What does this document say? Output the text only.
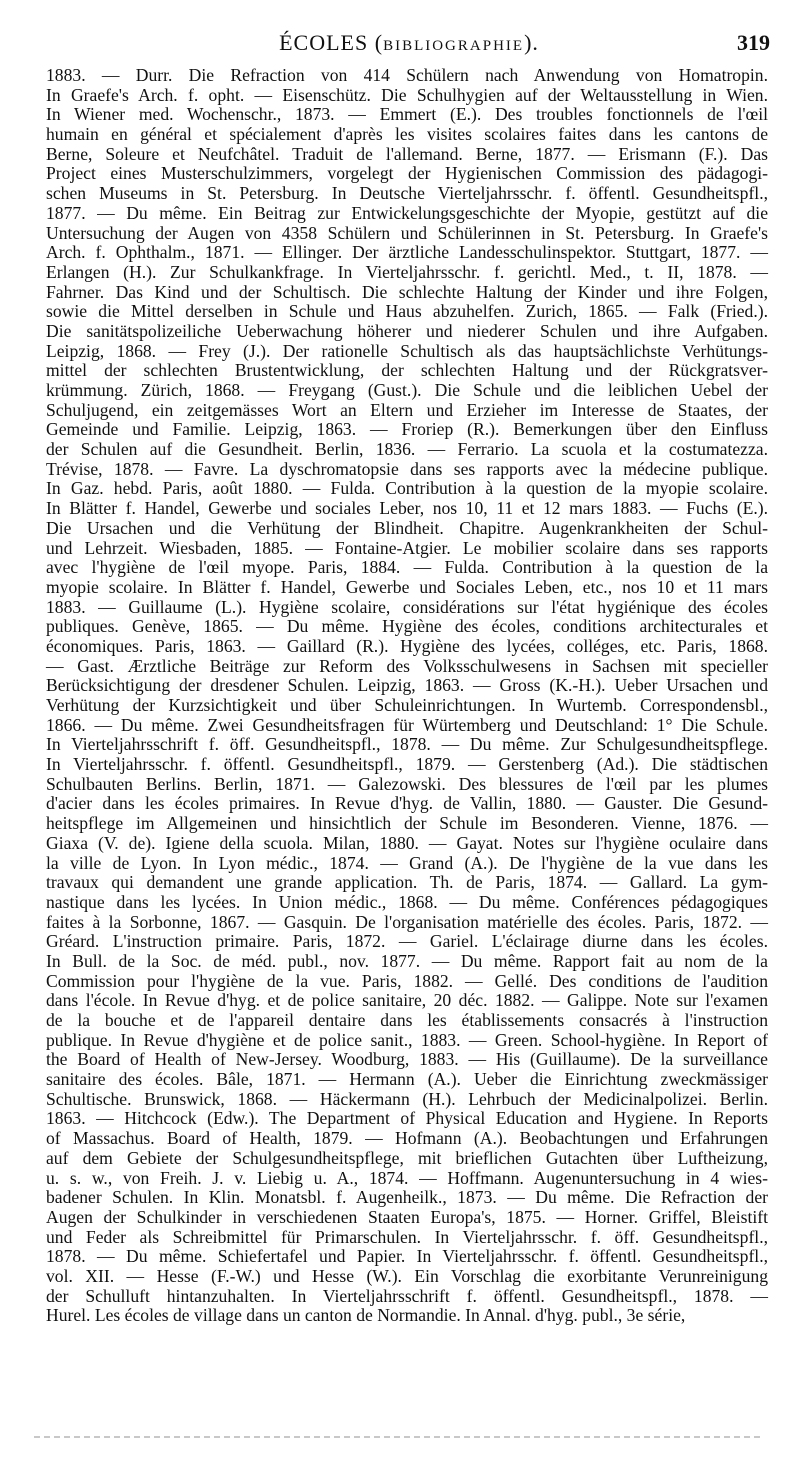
ÉCOLES (BIBLIOGRAPHIE).	319
1883. — Durr. Die Refraction von 414 Schülern nach Anwendung von Homatropin.
In Graefe's Arch. f. opht. — Eisenschütz. Die Schulhygien auf der Weltausstellung in Wien.
In Wiener med. Wochenschr., 1873. — Emmert (E.). Des troubles fonctionnels de l'œil
humain en général et spécialement d'après les visites scolaires faites dans les cantons de
Berne, Soleure et Neufchâtel. Traduit de l'allemand. Berne, 1877. — Erismann (F.). Das
Project eines Musterschulzimmers, vorgelegt der Hygienischen Commission des pädagogi-
schen Museums in St. Petersburg. In Deutsche Vierteljahrsschr. f. öffentl. Gesundheitspfl.,
1877. — Du même. Ein Beitrag zur Entwickelungsgeschichte der Myopie, gestützt auf die
Untersuchung der Augen von 4358 Schülern und Schülerinnen in St. Petersburg. In Graefe's
Arch. f. Ophthalm., 1871. — Ellinger. Der ärztliche Landesschulinspektor. Stuttgart, 1877. —
Erlangen (H.). Zur Schulkankfrage. In Vierteljahrsschr. f. gerichtl. Med., t. II, 1878. —
Fahrner. Das Kind und der Schultisch. Die schlechte Haltung der Kinder und ihre Folgen,
sowie die Mittel derselben in Schule und Haus abzuhelfen. Zurich, 1865. — Falk (Fried.).
Die sanitätspolizeiliche Ueberwachung höherer und niederer Schulen und ihre Aufgaben.
Leipzig, 1868. — Frey (J.). Der rationelle Schultisch als das hauptsächlichste Verhütungs-
mittel der schlechten Brustentwicklung, der schlechten Haltung und der Rückgratsver-
krümmung. Zürich, 1868. — Freygang (Gust.). Die Schule und die leiblichen Uebel der
Schuljugend, ein zeitgemässes Wort an Eltern und Erzieher im Interesse de Staates, der
Gemeinde und Familie. Leipzig, 1863. — Froriep (R.). Bemerkungen über den Einfluss
der Schulen auf die Gesundheit. Berlin, 1836. — Ferrario. La scuola et la costumatezza.
Trévise, 1878. — Favre. La dyschromatopsie dans ses rapports avec la médecine publique.
In Gaz. hebd. Paris, août 1880. — Fulda. Contribution à la question de la myopie scolaire.
In Blätter f. Handel, Gewerbe und sociales Leber, nos 10, 11 et 12 mars 1883. — Fuchs (E.).
Die Ursachen und die Verhütung der Blindheit. Chapitre. Augenkrankheiten der Schul-
und Lehrzeit. Wiesbaden, 1885. — Fontaine-Atgier. Le mobilier scolaire dans ses rapports
avec l'hygiène de l'œil myope. Paris, 1884. — Fulda. Contribution à la question de la
myopie scolaire. In Blätter f. Handel, Gewerbe und Sociales Leben, etc., nos 10 et 11 mars
1883. — Guillaume (L.). Hygiène scolaire, considérations sur l'état hygiénique des écoles
publiques. Genève, 1865. — Du même. Hygiène des écoles, conditions architecturales et
économiques. Paris, 1863. — Gaillard (R.). Hygiène des lycées, colléges, etc. Paris, 1868.
— Gast. Ærztliche Beiträge zur Reform des Volksschulwesens in Sachsen mit specieller
Berücksichtigung der dresdener Schulen. Leipzig, 1863. — Gross (K.-H.). Ueber Ursachen und
Verhütung der Kurzsichtigkeit und über Schuleinrichtungen. In Wurtemb. Correspondensbl.,
1866. — Du même. Zwei Gesundheitsfragen für Würtemberg und Deutschland: 1° Die Schule.
In Vierteljahrsschrift f. öff. Gesundheitspfl., 1878. — Du même. Zur Schulgesundheitspflege.
In Vierteljahrsschr. f. öffentl. Gesundheitspfl., 1879. — Gerstenberg (Ad.). Die städtischen
Schulbauten Berlins. Berlin, 1871. — Galezowski. Des blessures de l'œil par les plumes
d'acier dans les écoles primaires. In Revue d'hyg. de Vallin, 1880. — Gauster. Die Gesund-
heitspflege im Allgemeinen und hinsichtlich der Schule im Besonderen. Vienne, 1876. —
Giaxa (V. de). Igiene della scuola. Milan, 1880. — Gayat. Notes sur l'hygiène oculaire dans
la ville de Lyon. In Lyon médic., 1874. — Grand (A.). De l'hygiène de la vue dans les
travaux qui demandent une grande application. Th. de Paris, 1874. — Gallard. La gym-
nastique dans les lycées. In Union médic., 1868. — Du même. Conférences pédagogiques
faites à la Sorbonne, 1867. — Gasquin. De l'organisation matérielle des écoles. Paris, 1872. —
Gréard. L'instruction primaire. Paris, 1872. — Gariel. L'éclairage diurne dans les écoles.
In Bull. de la Soc. de méd. publ., nov. 1877. — Du même. Rapport fait au nom de la
Commission pour l'hygiène de la vue. Paris, 1882. — Gellé. Des conditions de l'audition
dans l'école. In Revue d'hyg. et de police sanitaire, 20 déc. 1882. — Galippe. Note sur l'examen
de la bouche et de l'appareil dentaire dans les établissements consacrés à l'instruction
publique. In Revue d'hygiène et de police sanit., 1883. — Green. School-hygiène. In Report of
the Board of Health of New-Jersey. Woodburg, 1883. — His (Guillaume). De la surveillance
sanitaire des écoles. Bâle, 1871. — Hermann (A.). Ueber die Einrichtung zweckmässiger
Schultische. Brunswick, 1868. — Häckermann (H.). Lehrbuch der Medicinalpolizei. Berlin.
1863. — Hitchcock (Edw.). The Department of Physical Education and Hygiene. In Reports
of Massachus. Board of Health, 1879. — Hofmann (A.). Beobachtungen und Erfahrungen
auf dem Gebiete der Schulgesundheitspflege, mit brieflichen Gutachten über Luftheizung,
u. s. w., von Freih. J. v. Liebig u. A., 1874. — Hoffmann. Augenuntersuchung in 4 wies-
badener Schulen. In Klin. Monatsbl. f. Augenheilk., 1873. — Du même. Die Refraction der
Augen der Schulkinder in verschiedenen Staaten Europa's, 1875. — Horner. Griffel, Bleistift
und Feder als Schreibmittel für Primarschulen. In Vierteljahrsschr. f. öff. Gesundheitspfl.,
1878. — Du même. Schiefertafel und Papier. In Vierteljahrsschr. f. öffentl. Gesundheitspfl.,
vol. XII. — Hesse (F.-W.) und Hesse (W.). Ein Vorschlag die exorbitante Verunreinigung
der Schulluft hintanzuhalten. In Vierteljahrsschrift f. öffentl. Gesundheitspfl., 1878. —
Hurel. Les écoles de village dans un canton de Normandie. In Annal. d'hyg. publ., 3e série,
